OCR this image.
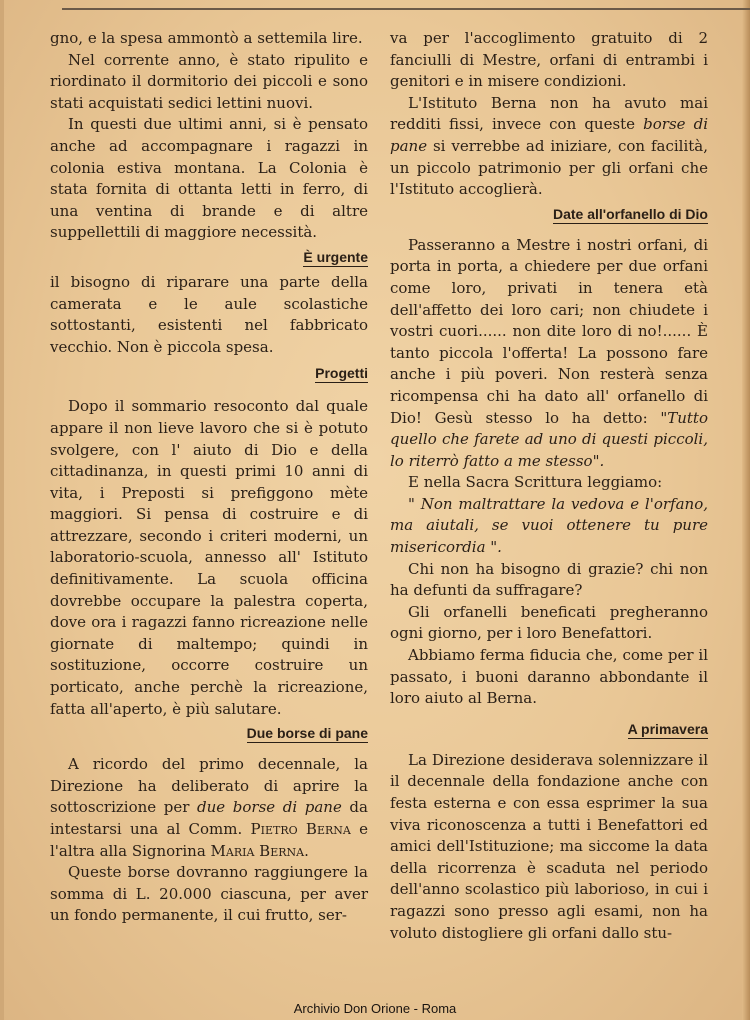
gno, e la spesa ammontò a settemila lire.

Nel corrente anno, è stato ripulito e riordinato il dormitorio dei piccoli e sono stati acquistati sedici lettini nuovi.

In questi due ultimi anni, si è pensato anche ad accompagnare i ragazzi in colonia estiva montana. La Colonia è stata fornita di ottanta letti in ferro, di una ventina di brande e di altre suppellettili di maggiore necessità.

È urgente

il bisogno di riparare una parte della camerata e le aule scolastiche sottostanti, esistenti nel fabbricato vecchio. Non è piccola spesa.

Progetti

Dopo il sommario resoconto dal quale appare il non lieve lavoro che si è potuto svolgere, con l' aiuto di Dio e della cittadinanza, in questi primi 10 anni di vita, i Preposti si prefiggono mète maggiori. Si pensa di costruire e di attrezzare, secondo i criteri moderni, un laboratorio-scuola, annesso all' Istituto definitivamente. La scuola officina dovrebbe occupare la palestra coperta, dove ora i ragazzi fanno ricreazione nelle giornate di maltempo; quindi in sostituzione, occorre costruire un porticato, anche perchè la ricreazione, fatta all'aperto, è più salutare.

Due borse di pane

A ricordo del primo decennale, la Direzione ha deliberato di aprire la sottoscrizione per due borse di pane da intestarsi una al Comm. Pietro Berna e l'altra alla Signorina Maria Berna.

Queste borse dovranno raggiungere la somma di L. 20.000 ciascuna, per aver un fondo permanente, il cui frutto, ser-

va per l'accoglimento gratuito di 2 fanciulli di Mestre, orfani di entrambi i genitori e in misere condizioni.

L'Istituto Berna non ha avuto mai redditi fissi, invece con queste borse di pane si verrebbe ad iniziare, con facilità, un piccolo patrimonio per gli orfani che l'Istituto accoglierà.

Date all'orfanello di Dio

Passeranno a Mestre i nostri orfani, di porta in porta, a chiedere per due orfani come loro, privati in tenera età dell'affetto dei loro cari; non chiudete i vostri cuori...... non dite loro di no!...... È tanto piccola l'offerta! La possono fare anche i più poveri. Non resterà senza ricompensa chi ha dato all' orfanello di Dio! Gesù stesso lo ha detto: "Tutto quello che farete ad uno di questi piccoli, lo riterrò fatto a me stesso".

E nella Sacra Scrittura leggiamo:

" Non maltrattare la vedova e l'orfano, ma aiutali, se vuoi ottenere tu pure misericordia ".

Chi non ha bisogno di grazie? chi non ha defunti da suffragare?

Gli orfanelli beneficati pregheranno ogni giorno, per i loro Benefattori.

Abbiamo ferma fiducia che, come per il passato, i buoni daranno abbondante il loro aiuto al Berna.

A primavera

La Direzione desiderava solennizzare il il decennale della fondazione anche con festa esterna e con essa esprimer la sua viva riconoscenza a tutti i Benefattori ed amici dell'Istituzione; ma siccome la data della ricorrenza è scaduta nel periodo dell'anno scolastico più laborioso, in cui i ragazzi sono presso agli esami, non ha voluto distogliere gli orfani dallo stu-

Archivio Don Orione - Roma
